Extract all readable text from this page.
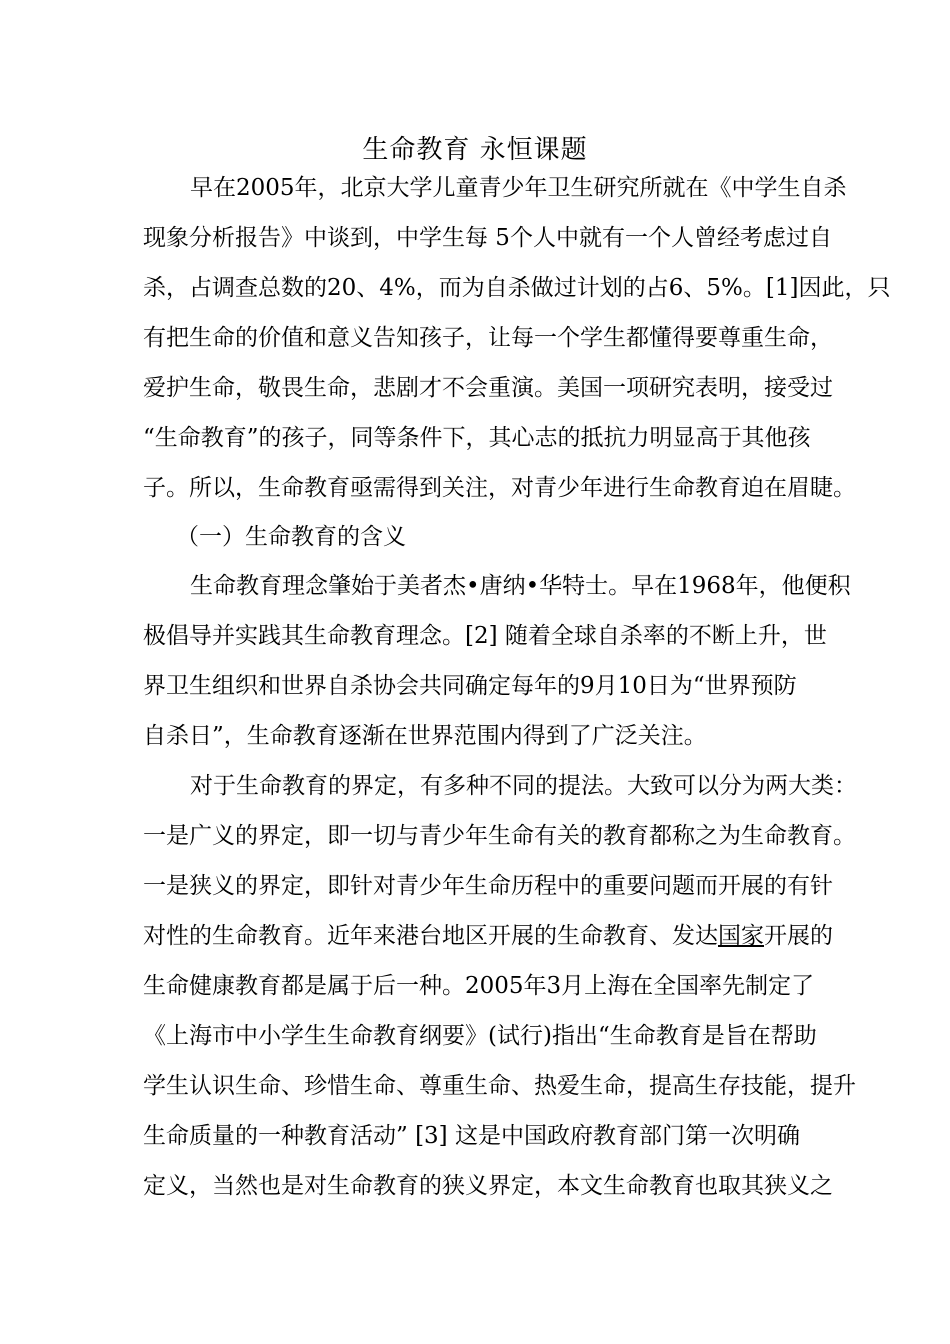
生命教育 永恒课题
早在2005年，北京大学儿童青少年卫生研究所就在《中学生自杀
现象分析报告》中谈到，中学生每 5个人中就有一个人曾经考虑过自
杀，占调查总数的20、4%，而为自杀做过计划的占6、5%。[1]因此，只
有把生命的价值和意义告知孩子，让每一个学生都懂得要尊重生命，
爱护生命，敬畏生命，悲剧才不会重演。美国一项研究表明，接受过
“生命教育”的孩子，同等条件下，其心志的抵抗力明显高于其他孩
子。所以，生命教育亟需得到关注，对青少年进行生命教育迫在眉睫。
（一）生命教育的含义
生命教育理念肇始于美者杰•唐纳•华特士。早在1968年，他便积
极倡导并实践其生命教育理念。[2] 随着全球自杀率的不断上升，世
界卫生组织和世界自杀协会共同确定每年的9月10日为“世界预防
自杀日”，生命教育逐渐在世界范围内得到了广泛关注。
对于生命教育的界定，有多种不同的提法。大致可以分为两大类：
一是广义的界定，即一切与青少年生命有关的教育都称之为生命教育。
一是狭义的界定，即针对青少年生命历程中的重要问题而开展的有针
对性的生命教育。近年来港台地区开展的生命教育、发达国家开展的
生命健康教育都是属于后一种。2005年3月上海在全国率先制定了
《上海市中小学生生命教育纲要》(试行)指出“生命教育是旨在帮助
学生认识生命、珍惜生命、尊重生命、热爱生命，提高生存技能，提升
生命质量的一种教育活动” [3] 这是中国政府教育部门第一次明确
定义，当然也是对生命教育的狭义界定，本文生命教育也取其狭义之
